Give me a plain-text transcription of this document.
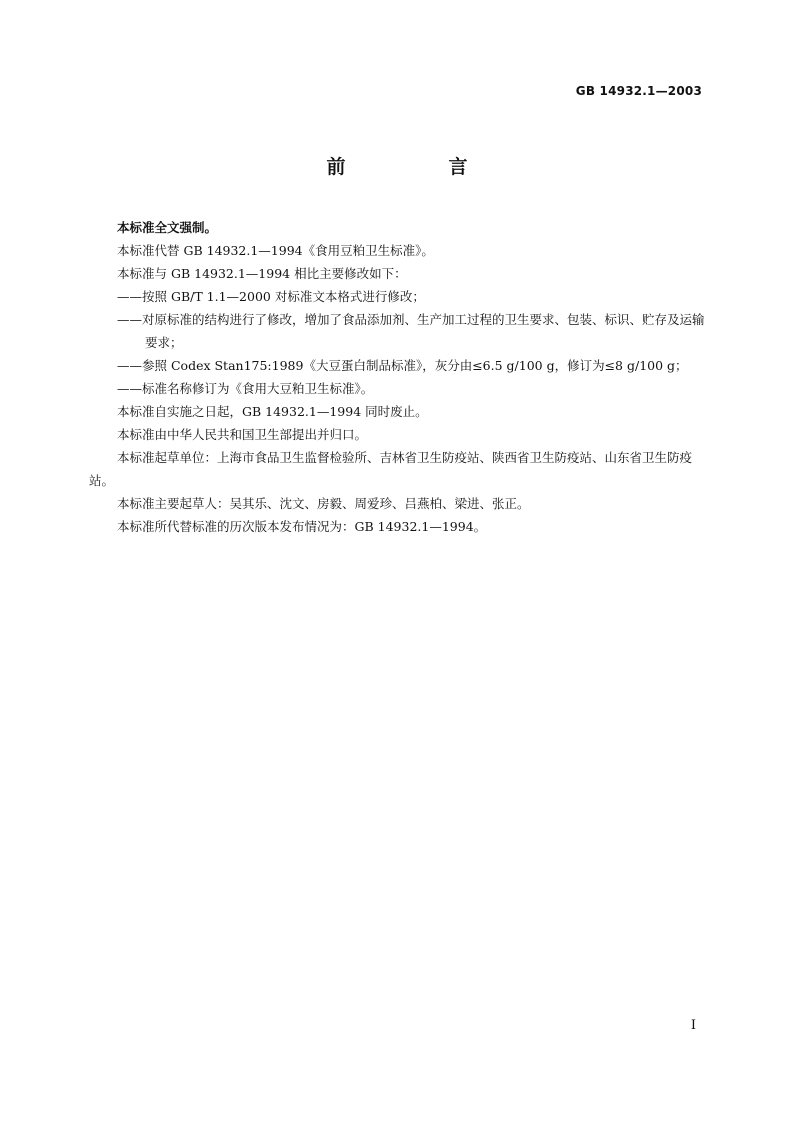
GB 14932.1—2003
前　言

本标准全文强制。

本标准代替 GB 14932.1—1994《食用豆粕卫生标准》。

本标准与 GB 14932.1—1994 相比主要修改如下：

——按照 GB/T 1.1—2000 对标准文本格式进行修改；

——对原标准的结构进行了修改，增加了食品添加剂、生产加工过程的卫生要求、包装、标识、贮存及运输要求；

——参照 Codex Stan175:1989《大豆蛋白制品标准》，灰分由≤6.5 g/100 g，修订为≤8 g/100 g；

——标准名称修订为《食用大豆粕卫生标准》。

本标准自实施之日起，GB 14932.1—1994 同时废止。

本标准由中华人民共和国卫生部提出并归口。

本标准起草单位：上海市食品卫生监督检验所、吉林省卫生防疫站、陕西省卫生防疫站、山东省卫生防疫站。

本标准主要起草人：吴其乐、沈文、房毅、周爱珍、吕燕柏、梁进、张正。

本标准所代替标准的历次版本发布情况为：GB 14932.1—1994。

I
